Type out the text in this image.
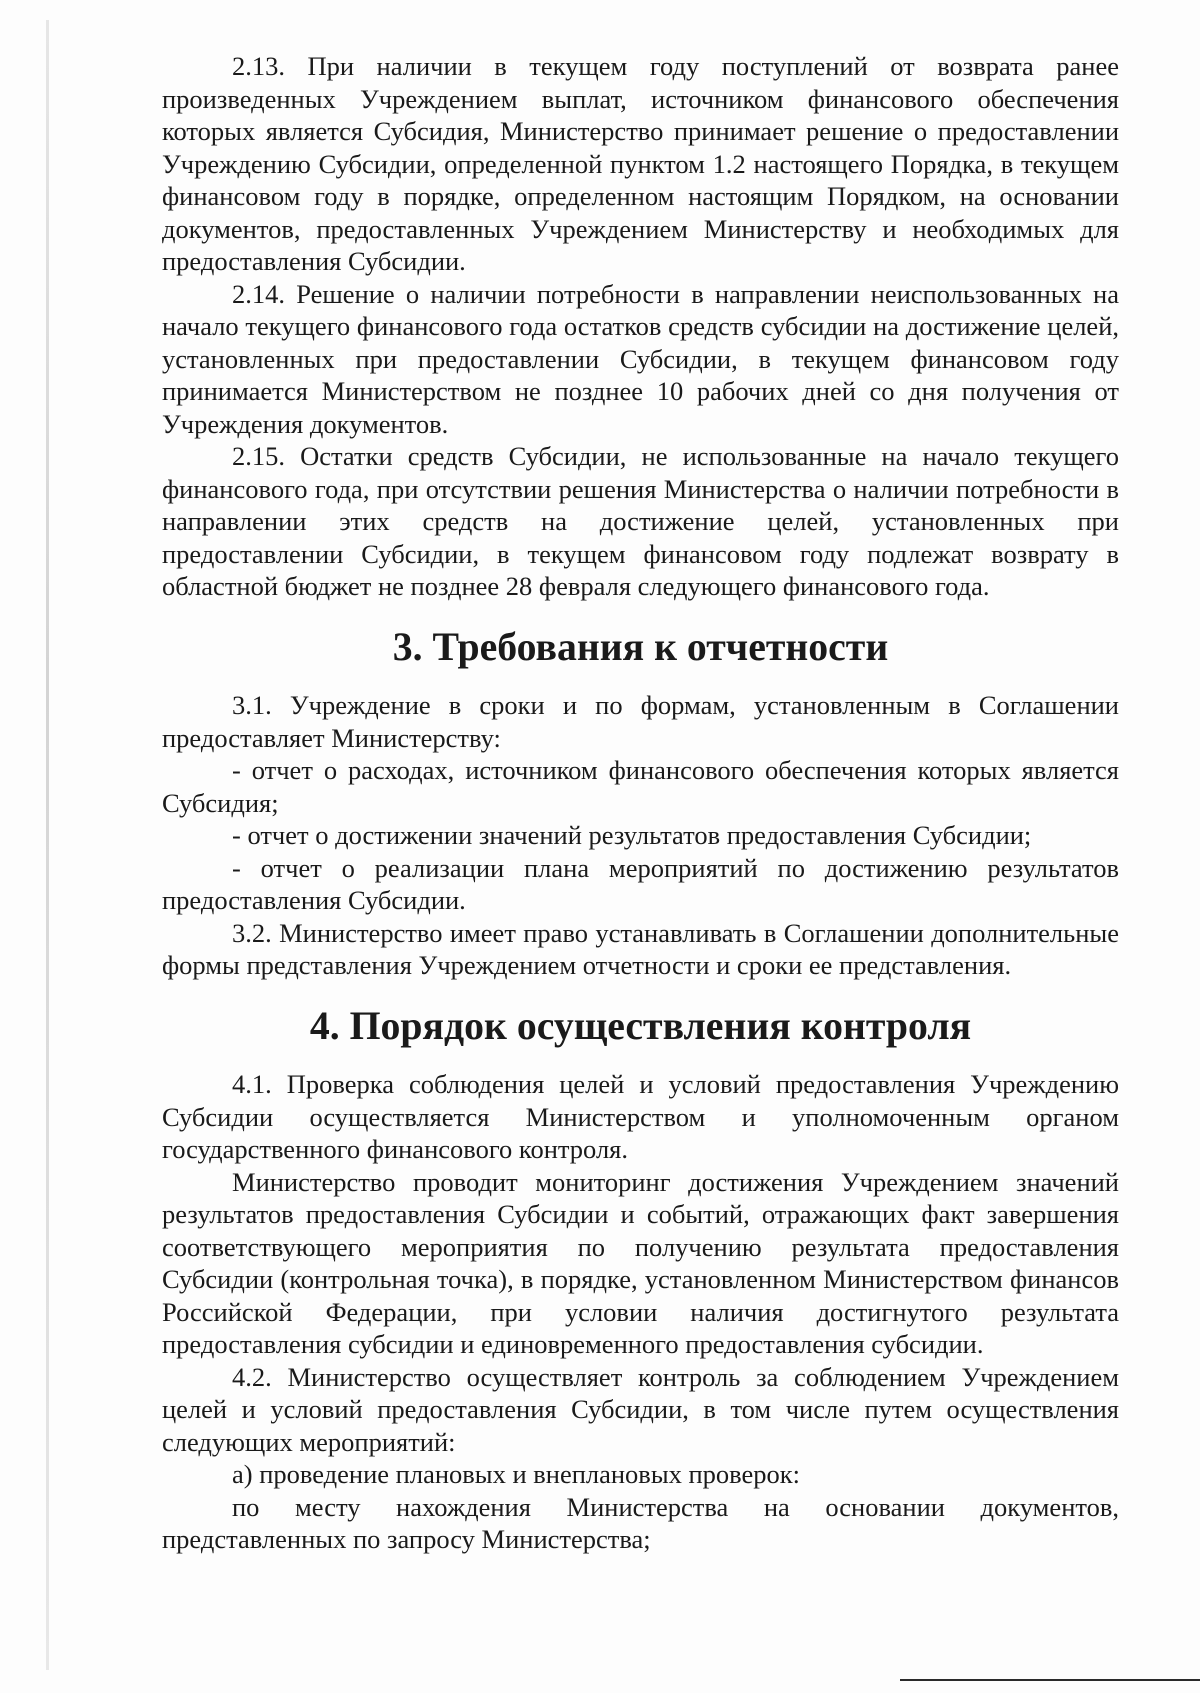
2.13. При наличии в текущем году поступлений от возврата ранее произведенных Учреждением выплат, источником финансового обеспечения которых является Субсидия, Министерство принимает решение о предоставлении Учреждению Субсидии, определенной пунктом 1.2 настоящего Порядка, в текущем финансовом году в порядке, определенном настоящим Порядком, на основании документов, предоставленных Учреждением Министерству и необходимых для предоставления Субсидии.

2.14. Решение о наличии потребности в направлении неиспользованных на начало текущего финансового года остатков средств субсидии на достижение целей, установленных при предоставлении Субсидии, в текущем финансовом году принимается Министерством не позднее 10 рабочих дней со дня получения от Учреждения документов.

2.15. Остатки средств Субсидии, не использованные на начало текущего финансового года, при отсутствии решения Министерства о наличии потребности в направлении этих средств на достижение целей, установленных при предоставлении Субсидии, в текущем финансовом году подлежат возврату в областной бюджет не позднее 28 февраля следующего финансового года.

3. Требования к отчетности

3.1. Учреждение в сроки и по формам, установленным в Соглашении предоставляет Министерству:

- отчет о расходах, источником финансового обеспечения которых является Субсидия;

- отчет о достижении значений результатов предоставления Субсидии;

- отчет о реализации плана мероприятий по достижению результатов предоставления Субсидии.

3.2. Министерство имеет право устанавливать в Соглашении дополнительные формы представления Учреждением отчетности и сроки ее представления.

4. Порядок осуществления контроля

4.1. Проверка соблюдения целей и условий предоставления Учреждению Субсидии осуществляется Министерством и уполномоченным органом государственного финансового контроля.

Министерство проводит мониторинг достижения Учреждением значений результатов предоставления Субсидии и событий, отражающих факт завершения соответствующего мероприятия по получению результата предоставления Субсидии (контрольная точка), в порядке, установленном Министерством финансов Российской Федерации, при условии наличия достигнутого результата предоставления субсидии и единовременного предоставления субсидии.

4.2. Министерство осуществляет контроль за соблюдением Учреждением целей и условий предоставления Субсидии, в том числе путем осуществления следующих мероприятий:

а) проведение плановых и внеплановых проверок:

по месту нахождения Министерства на основании документов, представленных по запросу Министерства;
